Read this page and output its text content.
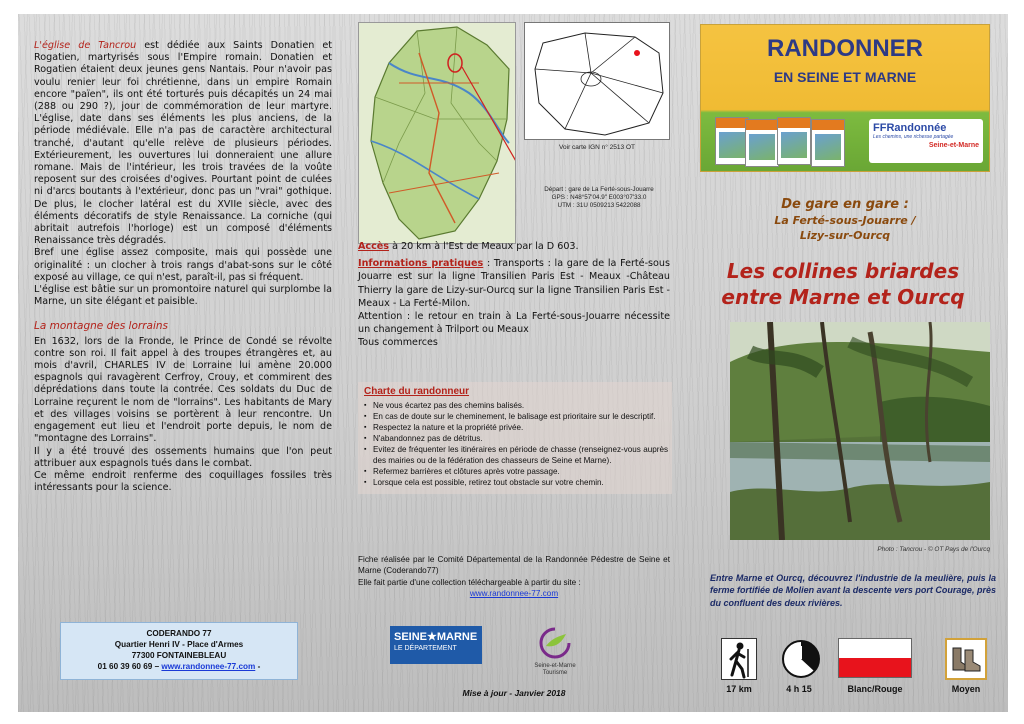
L'église de Tancrou est dédiée aux Saints Donatien et Rogatien, martyrisés sous l'Empire romain. Donatien et Rogatien étaient deux jeunes gens Nantais. Pour n'avoir pas voulu renier leur foi chrétienne, dans un empire Romain encore "païen", ils ont été torturés puis décapités un 24 mai (288 ou 290 ?), jour de commémoration de leur martyre. L'église, date dans ses éléments les plus anciens, de la période médiévale. Elle n'a pas de caractère architectural tranché, d'autant qu'elle relève de plusieurs périodes. Extérieurement, les ouvertures lui donneraient une allure romane. Mais de l'intérieur, les trois travées de la voûte reposent sur des croisées d'ogives. Pourtant point de culées ni d'arcs boutants à l'extérieur, donc pas un "vrai" gothique. De plus, le clocher latéral est du XVIIe siècle, avec des éléments décoratifs de style Renaissance. La corniche (qui abritait autrefois l'horloge) est un composé d'éléments Renaissance très dégradés.

Bref une église assez composite, mais qui possède une originalité : un clocher à trois rangs d'abat-sons sur le côté exposé au village, ce qui n'est, paraît-il, pas si fréquent.

L'église est bâtie sur un promontoire naturel qui surplombe la Marne, un site élégant et paisible.

La montagne des lorrains

En 1632, lors de la Fronde, le Prince de Condé se révolte contre son roi. Il fait appel à des troupes étrangères et, au mois d'avril, CHARLES IV de Lorraine lui amène 20.000 espagnols qui ravagèrent Cerfroy, Crouy, et commirent des déprédations dans toute la contrée. Ces soldats du Duc de Lorraine reçurent le nom de "lorrains". Les habitants de Mary et des villages voisins se portèrent à leur rencontre. Un engagement eut lieu et l'endroit porte depuis, le nom de "montagne des Lorrains".

Il y a été trouvé des ossements humains que l'on peut attribuer aux espagnols tués dans le combat.

Ce même endroit renferme des coquillages fossiles très intéressants pour la science.

CODERANDO 77
Quartier Henri IV - Place d'Armes
77300 FONTAINEBLEAU
01 60 39 60 69 – www.randonnee-77.com -
Voir carte IGN n° 2513 OT
Départ : gare de La Ferté-sous-Jouarre
GPS : N48°57'04.9" E003°07'33.0
UTM : 31U 0509213 5422088

Accès à 20 km à l'Est de Meaux par la D 603.

Informations pratiques : Transports : la gare de la Ferté-sous Jouarre est sur la ligne Transilien Paris Est - Meaux -Château Thierry la gare de Lizy-sur-Ourcq sur la ligne Transilien Paris Est - Meaux - La Ferté-Milon.

Attention : le retour en train à La Ferté-sous-Jouarre nécessite un changement à Trilport ou Meaux

Tous commerces

Charte du randonneur
▪ Ne vous écartez pas des chemins balisés.
▪ En cas de doute sur le cheminement, le balisage est prioritaire sur le descriptif.
▪ Respectez la nature et la propriété privée.
▪ N'abandonnez pas de détritus.
▪ Evitez de fréquenter les itinéraires en période de chasse (renseignez-vous auprès des mairies ou de la fédération des chasseurs de Seine et Marne).
▪ Refermez barrières et clôtures après votre passage.
▪ Lorsque cela est possible, retirez tout obstacle sur votre chemin.

Fiche réalisée par le Comité Départemental de la Randonnée Pédestre de Seine et Marne (Coderando77)

Elle fait partie d'une collection téléchargeable à partir du site :

www.randonnee-77.com
SEINE★MARNE
LE DÉPARTEMENT
Seine-et-Marne Tourisme
Mise à jour - Janvier 2018
RANDONNER
EN SEINE ET MARNE
FFRandonnée
Les chemins, une richesse partagée
Seine-et-Marne
De gare en gare :
La Ferté-sous-Jouarre /
Lizy-sur-Ourcq
Les collines briardes
entre Marne et Ourcq
Photo : Tancrou - © OT Pays de l'Ourcq
Entre Marne et Ourcq, découvrez l'industrie de la meulière, puis la ferme fortifiée de Molien avant la descente vers port Courage, près du confluent des deux rivières.
17 km	4 h 15	Blanc/Rouge	Moyen
